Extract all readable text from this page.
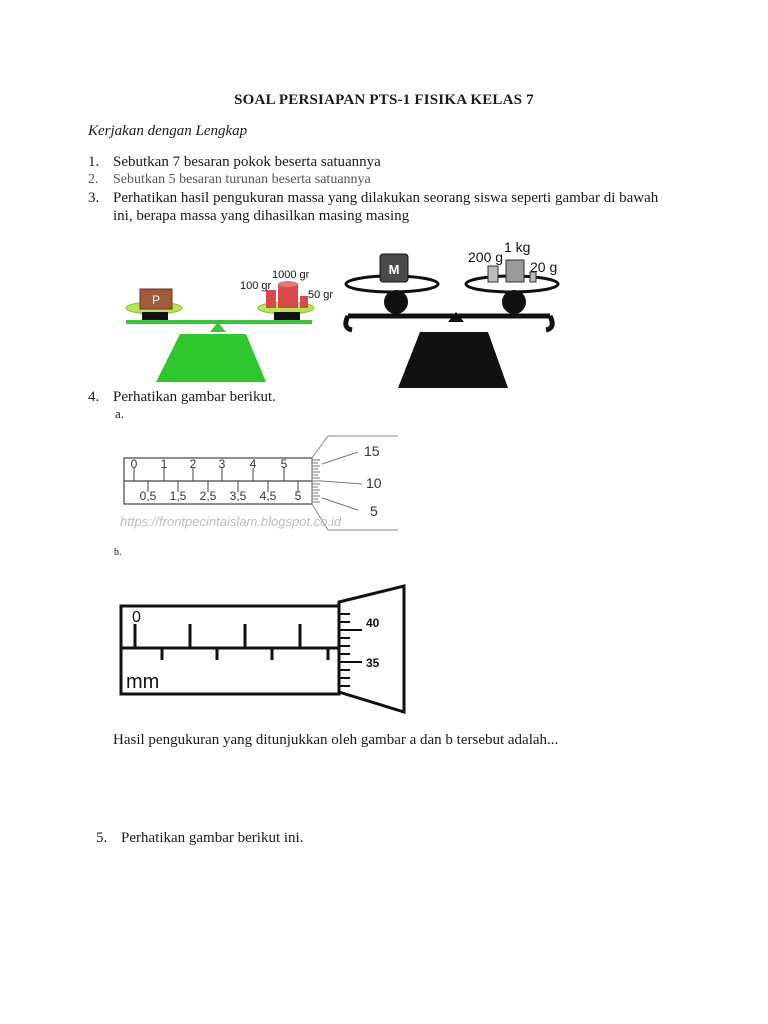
SOAL PERSIAPAN PTS-1 FISIKA KELAS 7
Kerjakan dengan Lengkap
1. Sebutkan 7 besaran pokok beserta satuannya
2. Sebutkan 5 besaran turunan beserta satuannya
3. Perhatikan hasil pengukuran massa yang dilakukan seorang siswa seperti gambar di bawah
ini, berapa massa yang dihasilkan masing masing
P
1000 gr
100 gr
50 gr
M
1 kg
200 g
20 g
4. Perhatikan gambar berikut.
a.
0 1 2 3 4 5
0,5 1,5 2,5 3,5 4,5 5
15
10
5
https://frontpecintaislam.blogspot.co.id
b.
0
mm
40
35
Hasil pengukuran yang ditunjukkan oleh gambar a dan b tersebut adalah...
5. Perhatikan gambar berikut ini.
